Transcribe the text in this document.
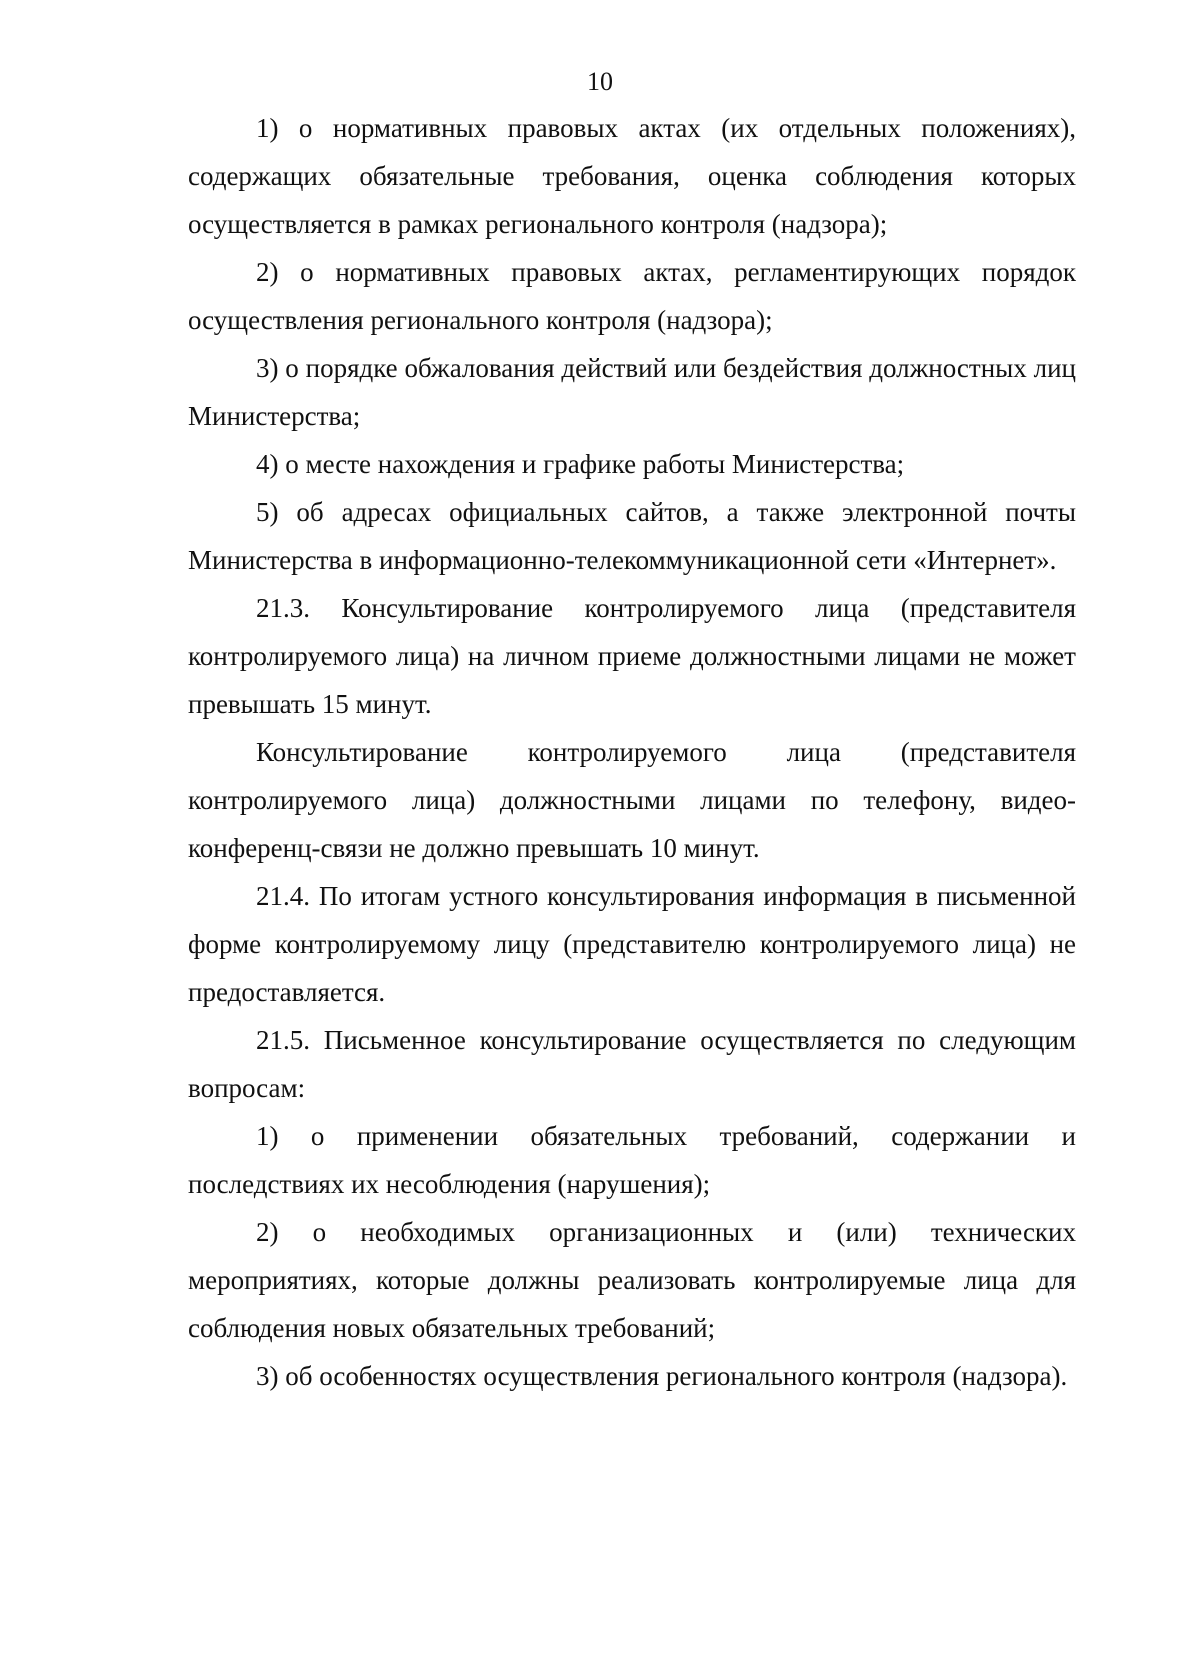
10

1) о нормативных правовых актах (их отдельных положениях), содержащих обязательные требования, оценка соблюдения которых осуществляется в рамках регионального контроля (надзора);

2) о нормативных правовых актах, регламентирующих порядок осуществления регионального контроля (надзора);

3) о порядке обжалования действий или бездействия должностных лиц Министерства;

4) о месте нахождения и графике работы Министерства;

5) об адресах официальных сайтов, а также электронной почты Министерства в информационно-телекоммуникационной сети «Интернет».

21.3. Консультирование контролируемого лица (представителя контролируемого лица) на личном приеме должностными лицами не может превышать 15 минут.

Консультирование контролируемого лица (представителя контролируемого лица) должностными лицами по телефону, видео-конференц-связи не должно превышать 10 минут.

21.4. По итогам устного консультирования информация в письменной форме контролируемому лицу (представителю контролируемого лица) не предоставляется.

21.5. Письменное консультирование осуществляется по следующим вопросам:

1) о применении обязательных требований, содержании и последствиях их несоблюдения (нарушения);

2) о необходимых организационных и (или) технических мероприятиях, которые должны реализовать контролируемые лица для соблюдения новых обязательных требований;

3) об особенностях осуществления регионального контроля (надзора).
